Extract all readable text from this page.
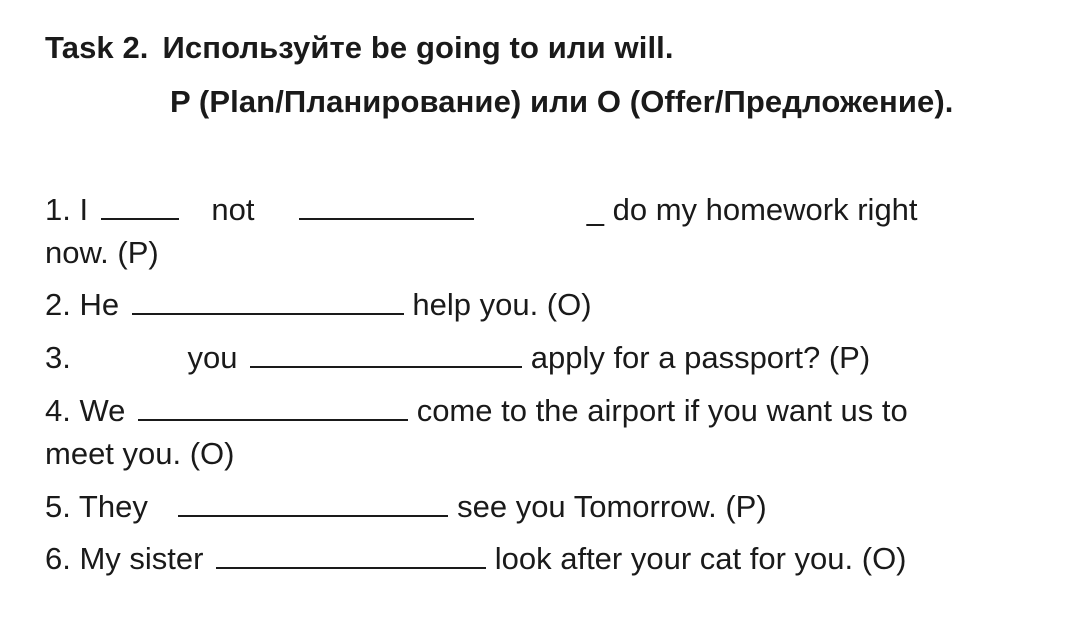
Task 2. Используйте be going to или will.
P (Plan/Планирование) или O (Offer/Предложение).
1. I	not	_ do my homework right
now. (P)
2. He	help you. (O)
3.	you	apply for a passport? (P)
4. We	come to the airport if you want us to
meet you. (O)
5. They	see you Tomorrow. (P)
6. My sister	look after your cat for you. (O)
